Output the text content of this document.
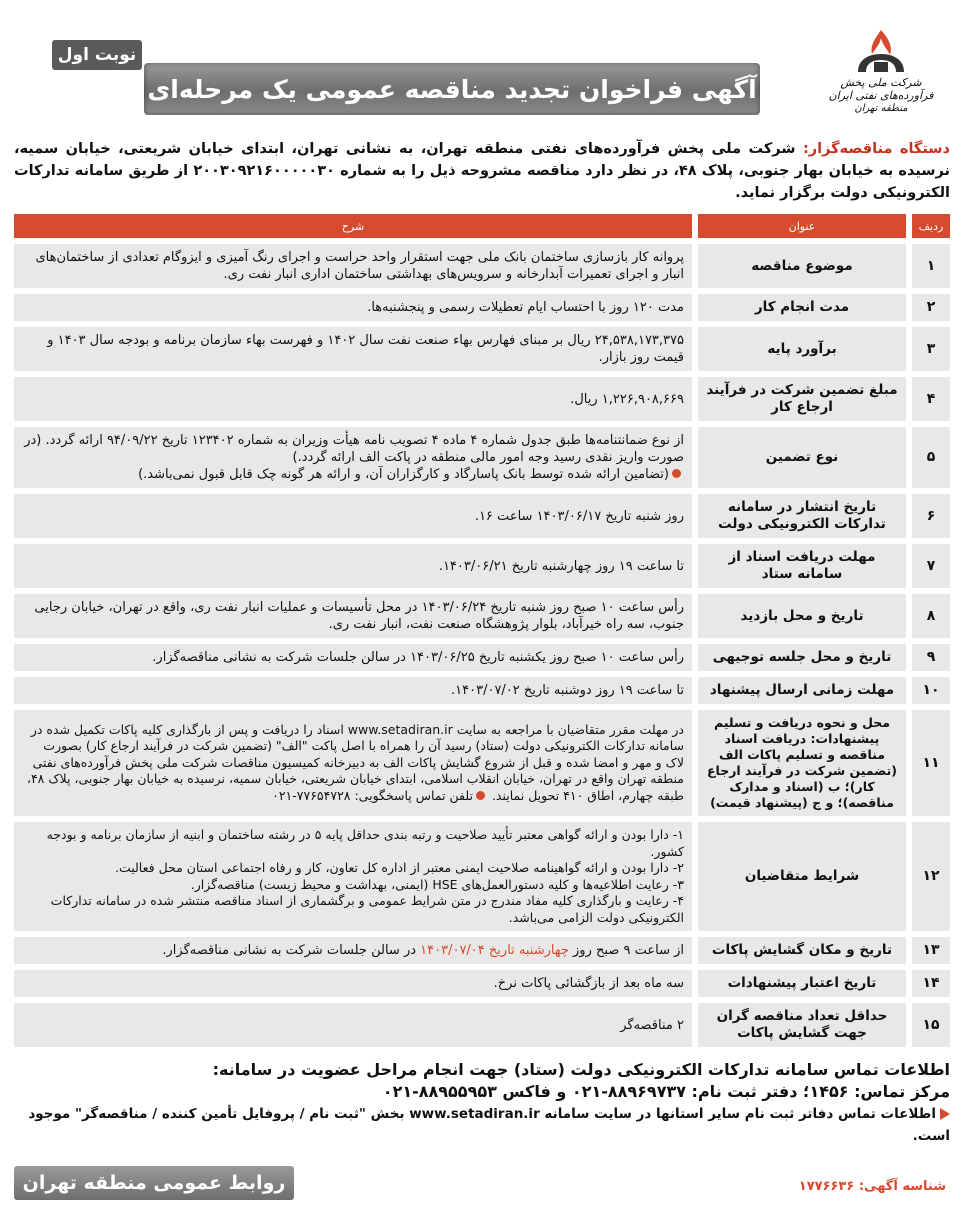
نوبت اول
آگهی فراخوان تجدید مناقصه عمومی یک مرحله‌ای	شرکت ملی پخش فرآورده‌های نفتی ایران
منطقه تهران

دستگاه مناقصه‌گزار: شرکت ملی پخش فرآورده‌های نفتی منطقه تهران، به نشانی تهران، ابتدای خیابان شریعتی، خیابان سمیه، نرسیده به خیابان بهار جنوبی، پلاک ۴۸، در نظر دارد مناقصه مشروحه ذیل را به شماره ۲۰۰۳۰۹۲۱۶۰۰۰۰۰۳۰ از طریق سامانه تدارکات الکترونیکی دولت برگزار نماید.

ردیف		عنوان		شرح
۱		موضوع مناقصه		پروانه کار بازسازی ساختمان بانک ملی جهت استقرار واحد حراست و اجرای رنگ آمیزی و ایزوگام تعدادی از ساختمان‌های انبار و اجرای تعمیرات آبدارخانه و سرویس‌های بهداشتی ساختمان اداری انبار نفت ری.
۲		مدت انجام کار		مدت ۱۲۰ روز با احتساب ایام تعطیلات رسمی و پنجشنبه‌ها.
۳		برآورد پایه		۲۴,۵۳۸,۱۷۳,۳۷۵ ریال بر مبنای فهارس بهاء صنعت نفت سال ۱۴۰۲ و فهرست بهاء سازمان برنامه و بودجه سال ۱۴۰۳ و قیمت روز بازار.
۴		مبلغ تضمین شرکت در فرآیند ارجاع کار		۱,۲۲۶,۹۰۸,۶۶۹ ریال.
۵		نوع تضمین		از نوع ضمانتنامه‌ها طبق جدول شماره ۴ ماده ۴ تصویب نامه هیأت وزیران به شماره ۱۲۳۴۰۲ تاریخ ۹۴/۰۹/۲۲ ارائه گردد. (در صورت واریز نقدی رسید وجه امور مالی منطقه در پاکت الف ارائه گردد.)
(تضامین ارائه شده توسط بانک پاسارگاد و کارگزاران آن، و ارائه هر گونه چک قابل قبول نمی‌باشد.)
۶		تاریخ انتشار در سامانه تدارکات الکترونیکی دولت		روز شنبه تاریخ ۱۴۰۳/۰۶/۱۷ ساعت ۱۶.
۷		مهلت دریافت اسناد از سامانه ستاد		تا ساعت ۱۹ روز چهارشنبه تاریخ ۱۴۰۳/۰۶/۲۱.
۸		تاریخ و محل بازدید		رأس ساعت ۱۰ صبح روز شنبه تاریخ ۱۴۰۳/۰۶/۲۴ در محل تأسیسات و عملیات انبار نفت ری، واقع در تهران، خیابان رجایی جنوب، سه راه خیرآباد، بلوار پژوهشگاه صنعت نفت، انبار نفت ری.
۹		تاریخ و محل جلسه توجیهی		رأس ساعت ۱۰ صبح روز یکشنبه تاریخ ۱۴۰۳/۰۶/۲۵ در سالن جلسات شرکت به نشانی مناقصه‌گزار.
۱۰		مهلت زمانی ارسال پیشنهاد		تا ساعت ۱۹ روز دوشنبه تاریخ ۱۴۰۳/۰۷/۰۲.
۱۱		محل و نحوه دریافت و تسلیم پیشنهادات: دریافت اسناد مناقصه و تسلیم پاکات الف (تضمین شرکت در فرآیند ارجاع کار)؛ ب (اسناد و مدارک مناقصه)؛ و ج (پیشنهاد قیمت)		در مهلت مقرر متقاضیان با مراجعه به سایت www.setadiran.ir اسناد را دریافت و پس از بارگذاری کلیه پاکات تکمیل شده در سامانه تدارکات الکترونیکی دولت (ستاد) رسید آن را همراه با اصل پاکت "الف" (تضمین شرکت در فرآیند ارجاع کار) بصورت لاک و مهر و امضا شده و قبل از شروع گشایش پاکات الف به دبیرخانه کمیسیون مناقصات شرکت ملی پخش فرآورده‌های نفتی منطقه تهران واقع در تهران، خیابان انقلاب اسلامی، ابتدای خیابان شریعتی، خیابان سمیه، نرسیده به خیابان بهار جنوبی، پلاک ۴۸، طبقه چهارم، اطاق ۴۱۰ تحویل نمایند. تلفن تماس پاسخگویی: ۷۷۶۵۴۷۲۸-۰۲۱
۱۲		شرایط متقاضیان		۱- دارا بودن و ارائه گواهی معتبر تأیید صلاحیت و رتبه بندی حداقل پایه ۵ در رشته ساختمان و ابنیه از سازمان برنامه و بودجه کشور.
۲- دارا بودن و ارائه گواهینامه صلاحیت ایمنی معتبر از اداره کل تعاون، کار و رفاه اجتماعی استان محل فعالیت.
۳- رعایت اطلاعیه‌ها و کلیه دستورالعمل‌های HSE (ایمنی، بهداشت و محیط زیست) مناقصه‌گزار.
۴- رعایت و بارگذاری کلیه مفاد مندرج در متن شرایط عمومی و برگشماری از اسناد مناقصه منتشر شده در سامانه تدارکات الکترونیکی دولت الزامی می‌باشد.

۱۳		تاریخ و مکان گشایش پاکات		از ساعت ۹ صبح روز چهارشنبه تاریخ ۱۴۰۳/۰۷/۰۴ در سالن جلسات شرکت به نشانی مناقصه‌گزار.
۱۴		تاریخ اعتبار پیشنهادات		سه ماه بعد از بازگشائی پاکات نرخ.
۱۵		حداقل تعداد مناقصه گران جهت گشایش پاکات		۲ مناقصه‌گر

اطلاعات تماس سامانه تدارکات الکترونیکی دولت (ستاد) جهت انجام مراحل عضویت در سامانه:

مرکز تماس: ۱۴۵۶؛ دفتر ثبت نام: ۸۸۹۶۹۷۳۷-۰۲۱ و فاکس ۸۸۹۵۵۹۵۳-۰۲۱

اطلاعات تماس دفاتر ثبت نام سایر استانها در سایت سامانه www.setadiran.ir بخش "ثبت نام / پروفایل تأمین کننده / مناقصه‌گر" موجود است.

شناسه آگهی: ۱۷۷۶۶۳۶
روابط عمومی منطقه تهران
